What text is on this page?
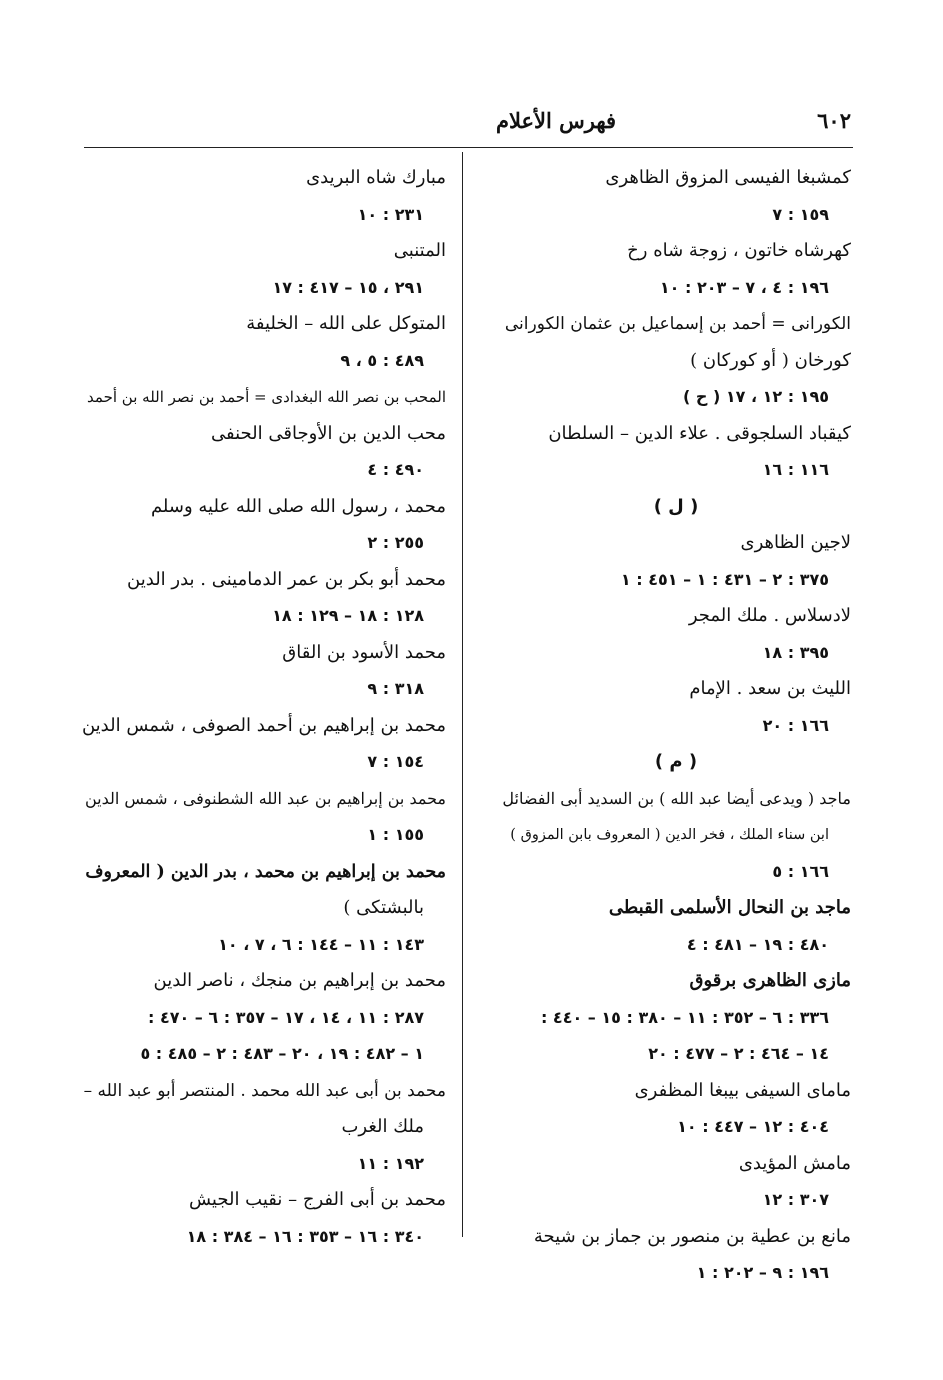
٦٠٢
فهرس الأعلام
كمشبغا الفيسى المزوق الظاهرى
١٥٩ : ٧
كهرشاه خاتون ، زوجة شاه رخ
١٩٦ : ٤ ، ٧ – ٢٠٣ : ١٠
الكورانى = أحمد بن إسماعيل بن عثمان الكورانى
كورخان ( أو كوركان )
١٩٥ : ١٢ ، ١٧ ( ح )
كيقباد السلجوقى . علاء الدين – السلطان
١١٦ : ١٦
( ل )
لاجين الظاهرى
٣٧٥ : ٢ – ٤٣١ : ١ – ٤٥١ : ١
لادسلاس . ملك المجر
٣٩٥ : ١٨
الليث بن سعد . الإمام
١٦٦ : ٢٠
( م )
ماجد ( ويدعى أيضا عبد الله ) بن السديد أبى الفضائل
ابن سناء الملك ، فخر الدين ( المعروف بابن المزوق )
١٦٦ : ٥
ماجد بن النحال الأسلمى القبطى
٤٨٠ : ١٩ – ٤٨١ : ٤
مازى الظاهرى برقوق
٣٣٦ : ٦ – ٣٥٢ : ١١ – ٣٨٠ : ١٥ – ٤٤٠ :
١٤ – ٤٦٤ : ٢ – ٤٧٧ : ٢٠
ماماى السيفى بيبغا المظفرى
٤٠٤ : ١٢ – ٤٤٧ : ١٠
مامش المؤيدى
٣٠٧ : ١٢
مانع بن عطية بن منصور بن جماز بن شيحة
١٩٦ : ٩ – ٢٠٢ : ١
مبارك شاه البريدى
٢٣١ : ١٠
المتنبى
٢٩١ ، ١٥ – ٤١٧ : ١٧
المتوكل على الله – الخليفة
٤٨٩ : ٥ ، ٩
المحب بن نصر الله البغدادى = أحمد بن نصر الله بن أحمد
محب الدين بن الأوجاقى الحنفى
٤٩٠ : ٤
محمد ، رسول الله صلى الله عليه وسلم
٢٥٥ : ٢
محمد أبو بكر بن عمر الدمامينى . بدر الدين
١٢٨ : ١٨ – ١٢٩ : ١٨
محمد الأسود بن القاق
٣١٨ : ٩
محمد بن إبراهيم بن أحمد الصوفى ، شمس الدين
١٥٤ : ٧
محمد بن إبراهيم بن عبد الله الشطنوفى ، شمس الدين
١٥٥ : ١
محمد بن إبراهيم بن محمد ، بدر الدين ( المعروف
بالبشتكى )
١٤٣ : ١١ – ١٤٤ : ٦ ، ٧ ، ١٠
محمد بن إبراهيم بن منجك ، ناصر الدين
٢٨٧ : ١١ ، ١٤ ، ١٧ – ٣٥٧ : ٦ – ٤٧٠ :
١ – ٤٨٢ : ١٩ ، ٢٠ – ٤٨٣ : ٢ – ٤٨٥ : ٥
محمد بن أبى عبد الله محمد . المنتصر أبو عبد الله –
ملك الغرب
١٩٢ : ١١
محمد بن أبى الفرج – نقيب الجيش
٣٤٠ : ١٦ – ٣٥٣ : ١٦ – ٣٨٤ : ١٨
